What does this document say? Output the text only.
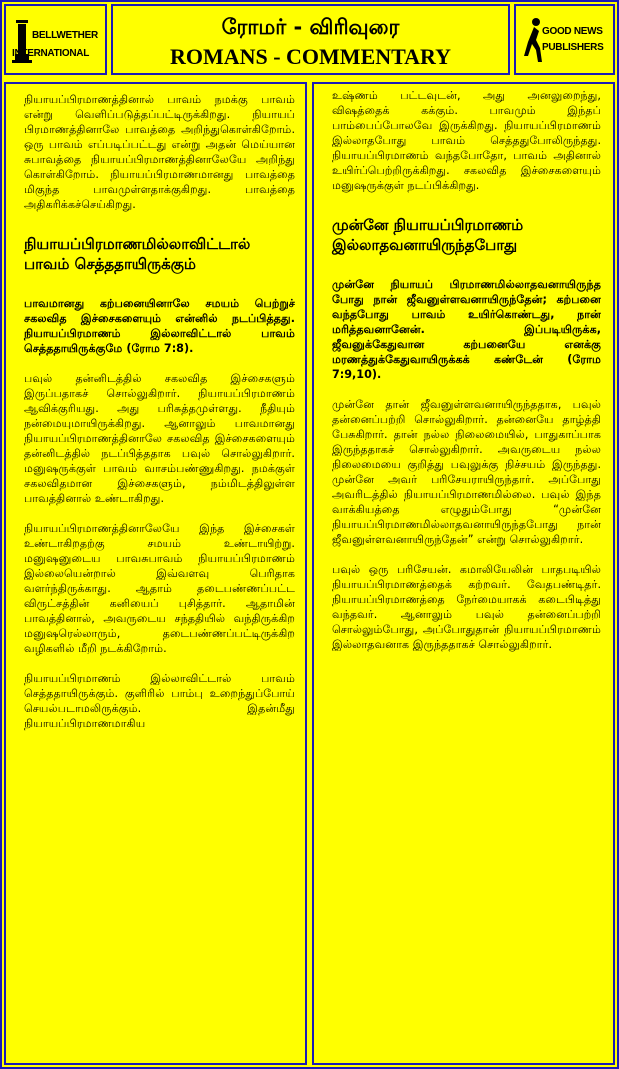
BELLWETHER
INTERNATIONAL
ரோமர் - விரிவுரை
ROMANS - COMMENTARY
GOOD NEWS
PUBLISHERS

நியாயப்பிரமாணத்தினால் பாவம் நமக்கு பாவம் என்று வெளிப்படுத்தப்பட்டிருக்கிறது. நியாயப் பிரமாணத்தினாலே பாவத்தை அறிந்துகொள்கிறோம். ஒரு பாவம் எப்படிப்பட்டது என்று அதன் மெய்யான சுபாவத்தை நியாயப்பிரமாணத்தினாலேயே அறிந்து கொள்கிறோம். நியாயப்பிரமாணமானது பாவத்தை மிகுந்த பாவமுள்ளதாக்குகிறது. பாவத்தை அதிகரிக்கச்செய்கிறது.

நியாயப்பிரமாணமில்லாவிட்டால் பாவம் செத்ததாயிருக்கும்

பாவமானது கற்பனையினாலே சமயம் பெற்றுச் சகலவித இச்சைகளையும் என்னில் நடப்பித்தது. நியாயப்பிரமாணம் இல்லாவிட்டால் பாவம் செத்ததாயிருக்குமே (ரோம 7:8).

பவுல் தன்னிடத்தில் சகலவித இச்சைகளும் இருப்பதாகச் சொல்லுகிறார். நியாயப்பிரமாணம் ஆவிக்குரியது. அது பரிசுத்தமுள்ளது. நீதியும் நன்மையுமாயிருக்கிறது. ஆனாலும் பாவமானது நியாயப்பிரமாணத்தினாலே சகலவித இச்சைகளையும் தன்னிடத்தில் நடப்பித்ததாக பவுல் சொல்லுகிறார். மனுஷருக்குள் பாவம் வாசம்பண்ணுகிறது. நமக்குள் சகலவிதமான இச்சைகளும், நம்மிடத்திலுள்ள பாவத்தினால் உண்டாகிறது.

நியாயப்பிரமாணத்தினாலேயே இந்த இச்சைகள் உண்டாகிறதற்கு சமயம் உண்டாயிற்று. மனுஷனுடைய பாவசுபாவம் நியாயப்பிரமாணம் இல்லையென்றால் இவ்வளவு பெரிதாக வளர்ந்திருக்காது. ஆதாம் தடைபண்ணப்பட்ட விருட்சத்தின் கனியைப் புசித்தார். ஆதாமின் பாவத்தினால், அவருடைய சந்ததியில் வந்திருக்கிற மனுஷரெல்லாரும், தடைபண்ணப்பட்டிருக்கிற வழிகளில் மீறி நடக்கிறோம்.

நியாயப்பிரமாணம் இல்லாவிட்டால் பாவம் செத்ததாயிருக்கும். குளிரில் பாம்பு உறைந்துப்போய் செயல்படாமலிருக்கும். இதன்மீது நியாயப்பிரமாணமாகிய

உஷ்ணம் பட்டவுடன், அது அனலுறைந்து, விஷத்தைக் கக்கும். பாவமும் இந்தப் பாம்பைப்போலவே இருக்கிறது. நியாயப்பிரமாணம் இல்லாதபோது பாவம் செத்ததுபோலிருந்தது. நியாயப்பிரமாணம் வந்தபோதோ, பாவம் அதினால் உயிர்ப்பெற்றிருக்கிறது. சகலவித இச்சைகளையும் மனுஷருக்குள் நடப்பிக்கிறது.

முன்னே நியாயப்பிரமாணம் இல்லாதவனாயிருந்தபோது

முன்னே நியாயப் பிரமாணமில்லாதவனாயிருந்த போது நான் ஜீவனுள்ளவனாயிருந்தேன்; கற்பனை வந்தபோது பாவம் உயிர்கொண்டது, நான் மரித்தவனானேன். இப்படியிருக்க, ஜீவனுக்கேதுவான கற்பனையே எனக்கு மரணத்துக்கேதுவாயிருக்கக் கண்டேன் (ரோம 7:9,10).

முன்னே தான் ஜீவனுள்ளவனாயிருந்ததாக, பவுல் தன்னைப்பற்றி சொல்லுகிறார். தன்னையே தாழ்த்தி பேசுகிறார். தான் நல்ல நிலைமையில், பாதுகாப்பாக இருந்ததாகச் சொல்லுகிறார். அவருடைய நல்ல நிலைமையை குறித்து பவுலுக்கு நிச்சயம் இருந்தது. முன்னே அவர் பரிசேயராயிருந்தார். அப்போது அவரிடத்தில் நியாயப்பிரமாணமில்லை. பவுல் இந்த வாக்கியத்தை எழுதும்போது “முன்னே நியாயப்பிரமாணமில்லாதவனாயிருந்தபோது நான் ஜீவனுள்ளவனாயிருந்தேன்” என்று சொல்லுகிறார்.

பவுல் ஒரு பரிசேயன். கமாலியேலின் பாதபடியில் நியாயப்பிரமாணத்தைக் கற்றவர். வேதபண்டிதர். நியாயப்பிரமாணத்தை நேர்மையாகக் கடைபிடித்து வந்தவர். ஆனாலும் பவுல் தன்னைப்பற்றி சொல்லும்போது, அப்போதுதான் நியாயப்பிரமாணம் இல்லாதவனாக இருந்ததாகச் சொல்லுகிறார்.
